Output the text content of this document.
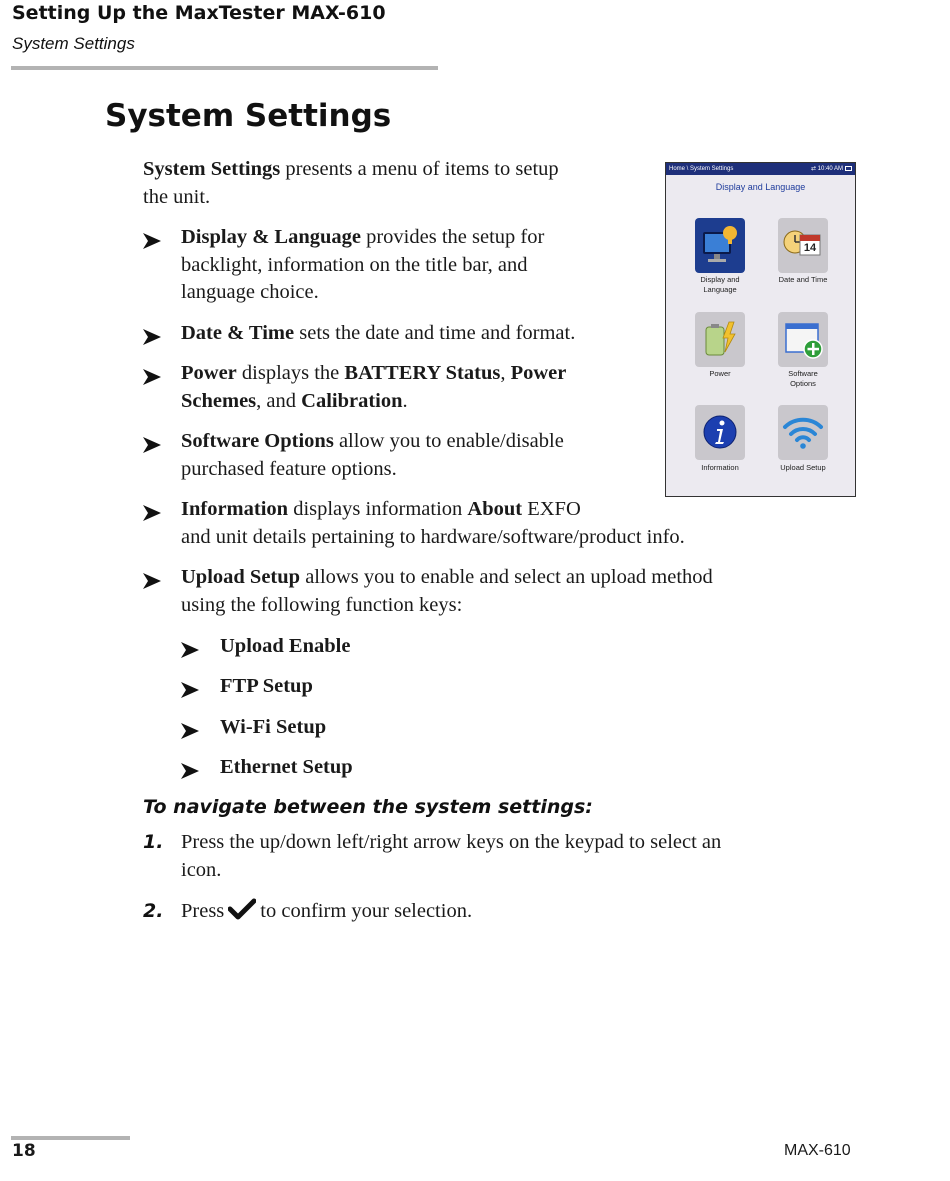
Setting Up the MaxTester MAX-610
System Settings
System Settings
System Settings presents a menu of items to setup
the unit.
Display & Language provides the setup for
backlight, information on the title bar, and
language choice.
Date & Time sets the date and time and format.
Power displays the BATTERY Status, Power
Schemes, and Calibration.
Software Options allow you to enable/disable
purchased feature options.
Information displays information About EXFO
and unit details pertaining to hardware/software/product info.
Upload Setup allows you to enable and select an upload method
using the following function keys:
Upload Enable
FTP Setup
Wi-Fi Setup
Ethernet Setup
To navigate between the system settings:
1. Press the up/down left/right arrow keys on the keypad to select an
icon.
2. Press to confirm your selection.
Home \ System Settings	⇄ 10:40 AM
Display and Language
Display and
Language
14
Date and Time
Power	Software
Options
Information	Upload Setup
18	MAX-610
